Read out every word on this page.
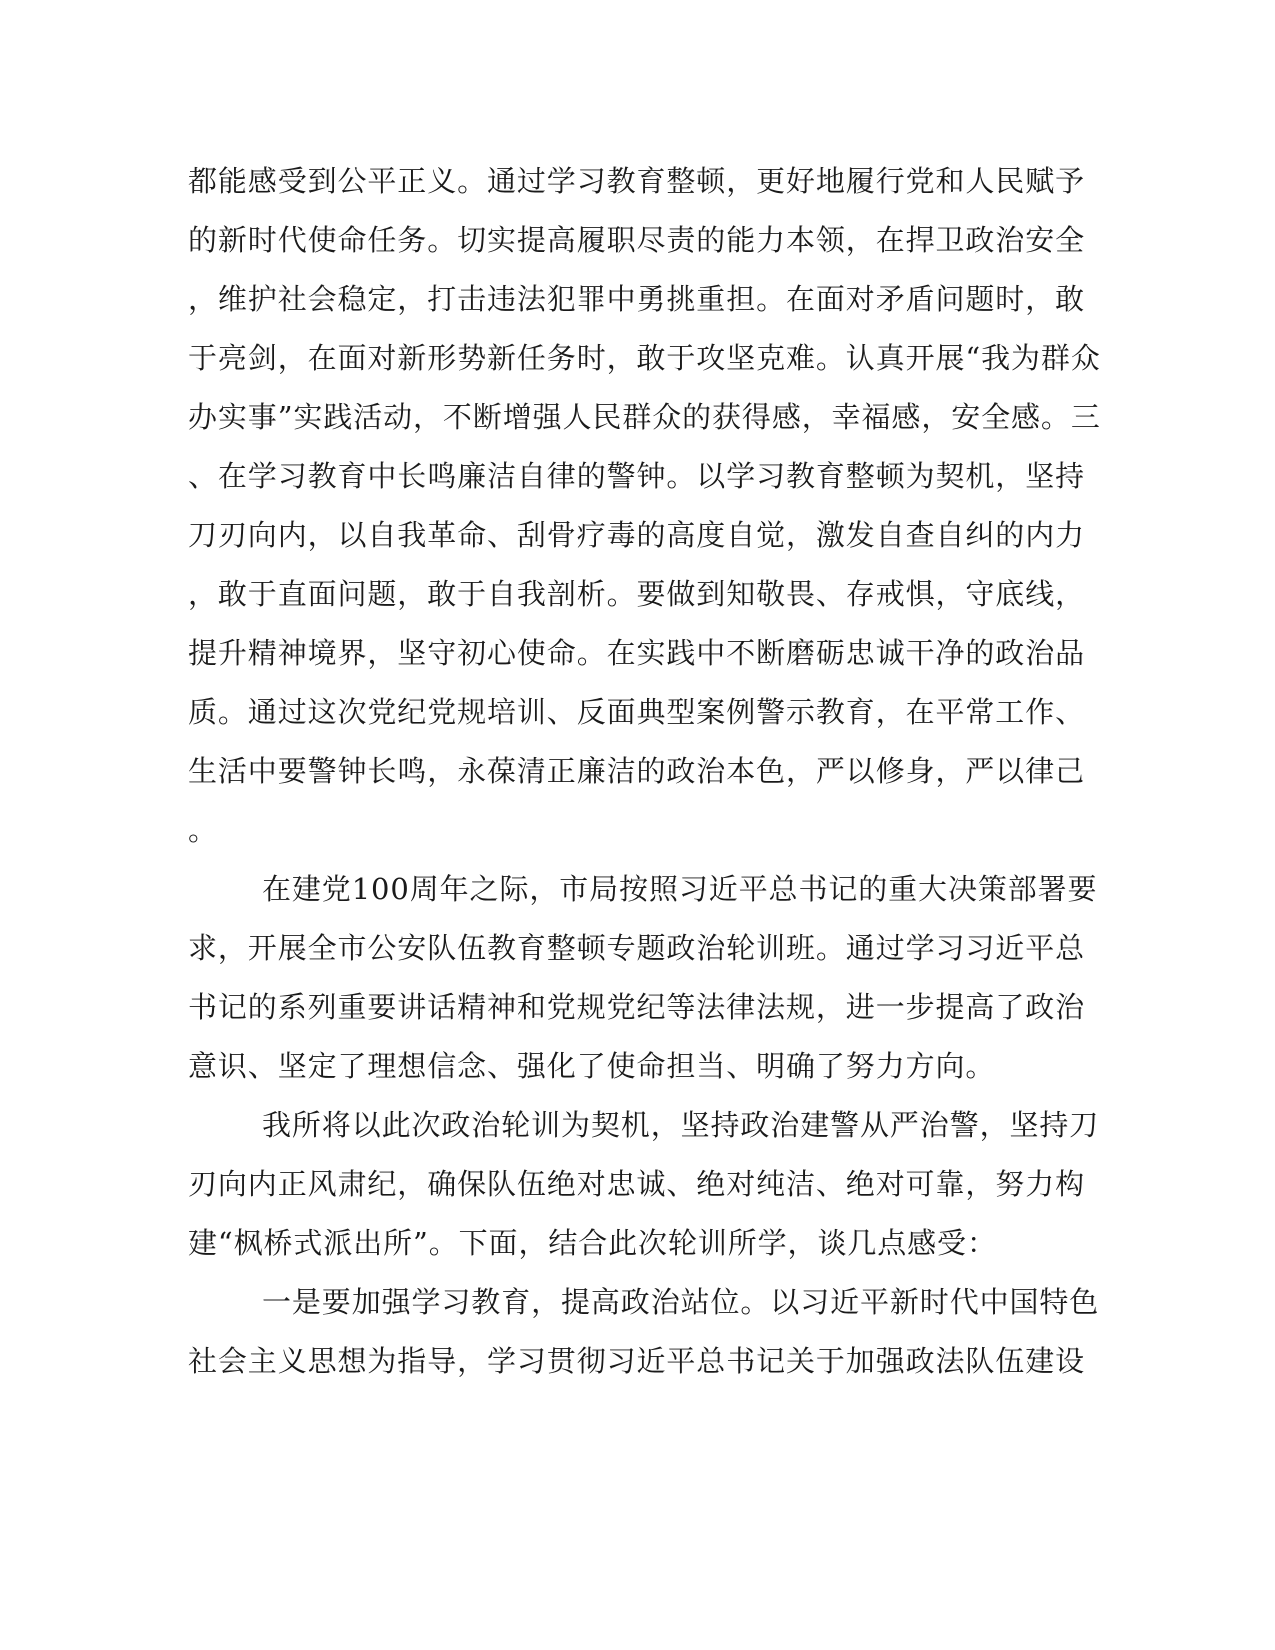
都能感受到公平正义。通过学习教育整顿，更好地履行党和人民赋予
的新时代使命任务。切实提高履职尽责的能力本领，在捍卫政治安全
，维护社会稳定，打击违法犯罪中勇挑重担。在面对矛盾问题时，敢
于亮剑，在面对新形势新任务时，敢于攻坚克难。认真开展“我为群众
办实事”实践活动，不断增强人民群众的获得感，幸福感，安全感。三
、在学习教育中长鸣廉洁自律的警钟。以学习教育整顿为契机，坚持
刀刃向内，以自我革命、刮骨疗毒的高度自觉，激发自查自纠的内力
，敢于直面问题，敢于自我剖析。要做到知敬畏、存戒惧，守底线，
提升精神境界，坚守初心使命。在实践中不断磨砺忠诚干净的政治品
质。通过这次党纪党规培训、反面典型案例警示教育，在平常工作、
生活中要警钟长鸣，永葆清正廉洁的政治本色，严以修身，严以律己
。
在建党100周年之际，市局按照习近平总书记的重大决策部署要
求，开展全市公安队伍教育整顿专题政治轮训班。通过学习习近平总
书记的系列重要讲话精神和党规党纪等法律法规，进一步提高了政治
意识、坚定了理想信念、强化了使命担当、明确了努力方向。
我所将以此次政治轮训为契机，坚持政治建警从严治警，坚持刀
刃向内正风肃纪，确保队伍绝对忠诚、绝对纯洁、绝对可靠，努力构
建“枫桥式派出所”。下面，结合此次轮训所学，谈几点感受：
一是要加强学习教育，提高政治站位。以习近平新时代中国特色
社会主义思想为指导，学习贯彻习近平总书记关于加强政法队伍建设
